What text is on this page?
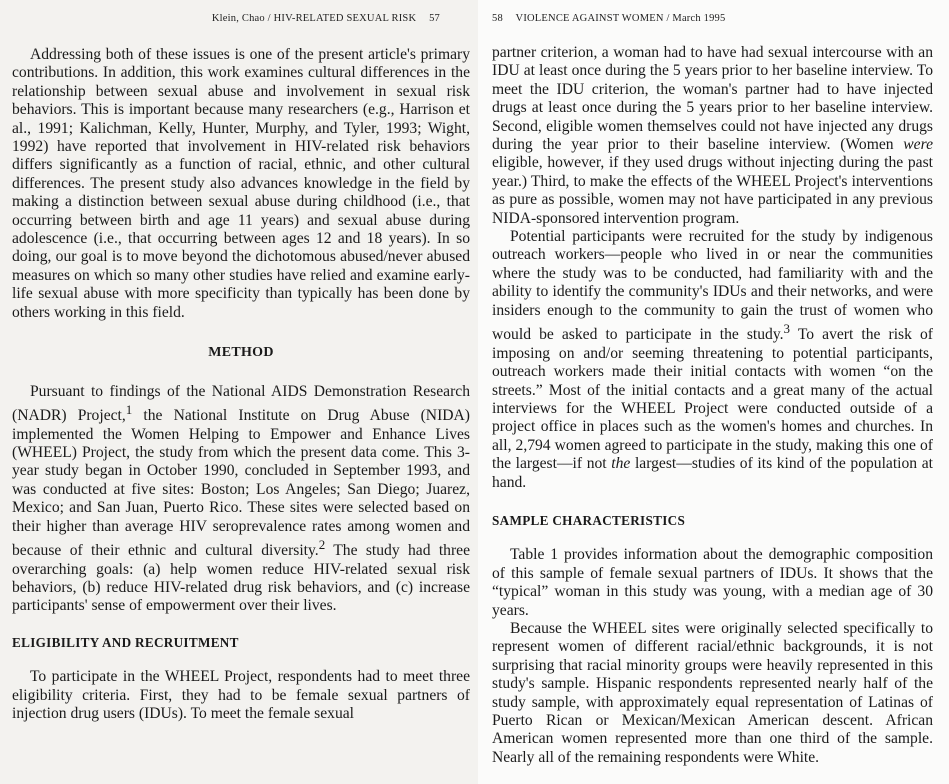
Klein, Chao / HIV-RELATED SEXUAL RISK 57

Addressing both of these issues is one of the present article's primary contributions. In addition, this work examines cultural differences in the relationship between sexual abuse and involvement in sexual risk behaviors. This is important because many researchers (e.g., Harrison et al., 1991; Kalichman, Kelly, Hunter, Murphy, and Tyler, 1993; Wight, 1992) have reported that involvement in HIV-related risk behaviors differs significantly as a function of racial, ethnic, and other cultural differences. The present study also advances knowledge in the field by making a distinction between sexual abuse during childhood (i.e., that occurring between birth and age 11 years) and sexual abuse during adolescence (i.e., that occurring between ages 12 and 18 years). In so doing, our goal is to move beyond the dichotomous abused/never abused measures on which so many other studies have relied and examine early-life sexual abuse with more specificity than typically has been done by others working in this field.

METHOD

Pursuant to findings of the National AIDS Demonstration Research (NADR) Project,$^1$ the National Institute on Drug Abuse (NIDA) implemented the Women Helping to Empower and Enhance Lives (WHEEL) Project, the study from which the present data come. This 3-year study began in October 1990, concluded in September 1993, and was conducted at five sites: Boston; Los Angeles; San Diego; Juarez, Mexico; and San Juan, Puerto Rico. These sites were selected based on their higher than average HIV seroprevalence rates among women and because of their ethnic and cultural diversity.$^2$ The study had three overarching goals: (a) help women reduce HIV-related sexual risk behaviors, (b) reduce HIV-related drug risk behaviors, and (c) increase participants' sense of empowerment over their lives.

ELIGIBILITY AND RECRUITMENT

To participate in the WHEEL Project, respondents had to meet three eligibility criteria. First, they had to be female sexual partners of injection drug users (IDUs). To meet the female sexual

58 VIOLENCE AGAINST WOMEN / March 1995

partner criterion, a woman had to have had sexual intercourse with an IDU at least once during the 5 years prior to her baseline interview. To meet the IDU criterion, the woman's partner had to have injected drugs at least once during the 5 years prior to her baseline interview. Second, eligible women themselves could not have injected any drugs during the year prior to their baseline interview. (Women were eligible, however, if they used drugs without injecting during the past year.) Third, to make the effects of the WHEEL Project's interventions as pure as possible, women may not have participated in any previous NIDA-sponsored intervention program.

Potential participants were recruited for the study by indigenous outreach workers—people who lived in or near the communities where the study was to be conducted, had familiarity with and the ability to identify the community's IDUs and their networks, and were insiders enough to the community to gain the trust of women who would be asked to participate in the study.$^3$ To avert the risk of imposing on and/or seeming threatening to potential participants, outreach workers made their initial contacts with women “on the streets.” Most of the initial contacts and a great many of the actual interviews for the WHEEL Project were conducted outside of a project office in places such as the women's homes and churches. In all, 2,794 women agreed to participate in the study, making this one of the largest—if not the largest—studies of its kind of the population at hand.

SAMPLE CHARACTERISTICS

Table 1 provides information about the demographic composition of this sample of female sexual partners of IDUs. It shows that the “typical” woman in this study was young, with a median age of 30 years.

Because the WHEEL sites were originally selected specifically to represent women of different racial/ethnic backgrounds, it is not surprising that racial minority groups were heavily represented in this study's sample. Hispanic respondents represented nearly half of the study sample, with approximately equal representation of Latinas of Puerto Rican or Mexican/Mexican American descent. African American women represented more than one third of the sample. Nearly all of the remaining respondents were White.
